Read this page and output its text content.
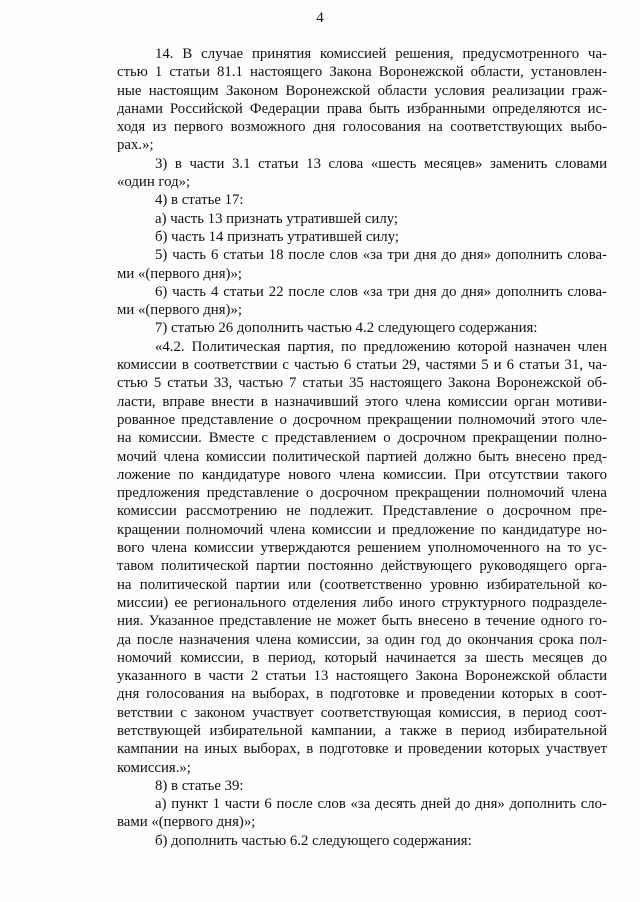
4
14. В случае принятия комиссией решения, предусмотренного ча-
стью 1 статьи 81.1 настоящего Закона Воронежской области, установлен-
ные настоящим Законом Воронежской области условия реализации граж-
данами Российской Федерации права быть избранными определяются ис-
ходя из первого возможного дня голосования на соответствующих выбо-
рах.»;
3) в части 3.1 статьи 13 слова «шесть месяцев» заменить словами
«один год»;
4) в статье 17:
а) часть 13 признать утратившей силу;
б) часть 14 признать утратившей силу;
5) часть 6 статьи 18 после слов «за три дня до дня» дополнить слова-
ми «(первого дня)»;
6) часть 4 статьи 22 после слов «за три дня до дня» дополнить слова-
ми «(первого дня)»;
7) статью 26 дополнить частью 4.2 следующего содержания:
«4.2. Политическая партия, по предложению которой назначен член
комиссии в соответствии с частью 6 статьи 29, частями 5 и 6 статьи 31, ча-
стью 5 статьи 33, частью 7 статьи 35 настоящего Закона Воронежской об-
ласти, вправе внести в назначивший этого члена комиссии орган мотиви-
рованное представление о досрочном прекращении полномочий этого чле-
на комиссии. Вместе с представлением о досрочном прекращении полно-
мочий члена комиссии политической партией должно быть внесено пред-
ложение по кандидатуре нового члена комиссии. При отсутствии такого
предложения представление о досрочном прекращении полномочий члена
комиссии рассмотрению не подлежит. Представление о досрочном пре-
кращении полномочий члена комиссии и предложение по кандидатуре но-
вого члена комиссии утверждаются решением уполномоченного на то ус-
тавом политической партии постоянно действующего руководящего орга-
на политической партии или (соответственно уровню избирательной ко-
миссии) ее регионального отделения либо иного структурного подразделе-
ния. Указанное представление не может быть внесено в течение одного го-
да после назначения члена комиссии, за один год до окончания срока пол-
номочий комиссии, в период, который начинается за шесть месяцев до
указанного в части 2 статьи 13 настоящего Закона Воронежской области
дня голосования на выборах, в подготовке и проведении которых в соот-
ветствии с законом участвует соответствующая комиссия, в период соот-
ветствующей избирательной кампании, а также в период избирательной
кампании на иных выборах, в подготовке и проведении которых участвует
комиссия.»;
8) в статье 39:
а) пункт 1 части 6 после слов «за десять дней до дня» дополнить сло-
вами «(первого дня)»;
б) дополнить частью 6.2 следующего содержания:
